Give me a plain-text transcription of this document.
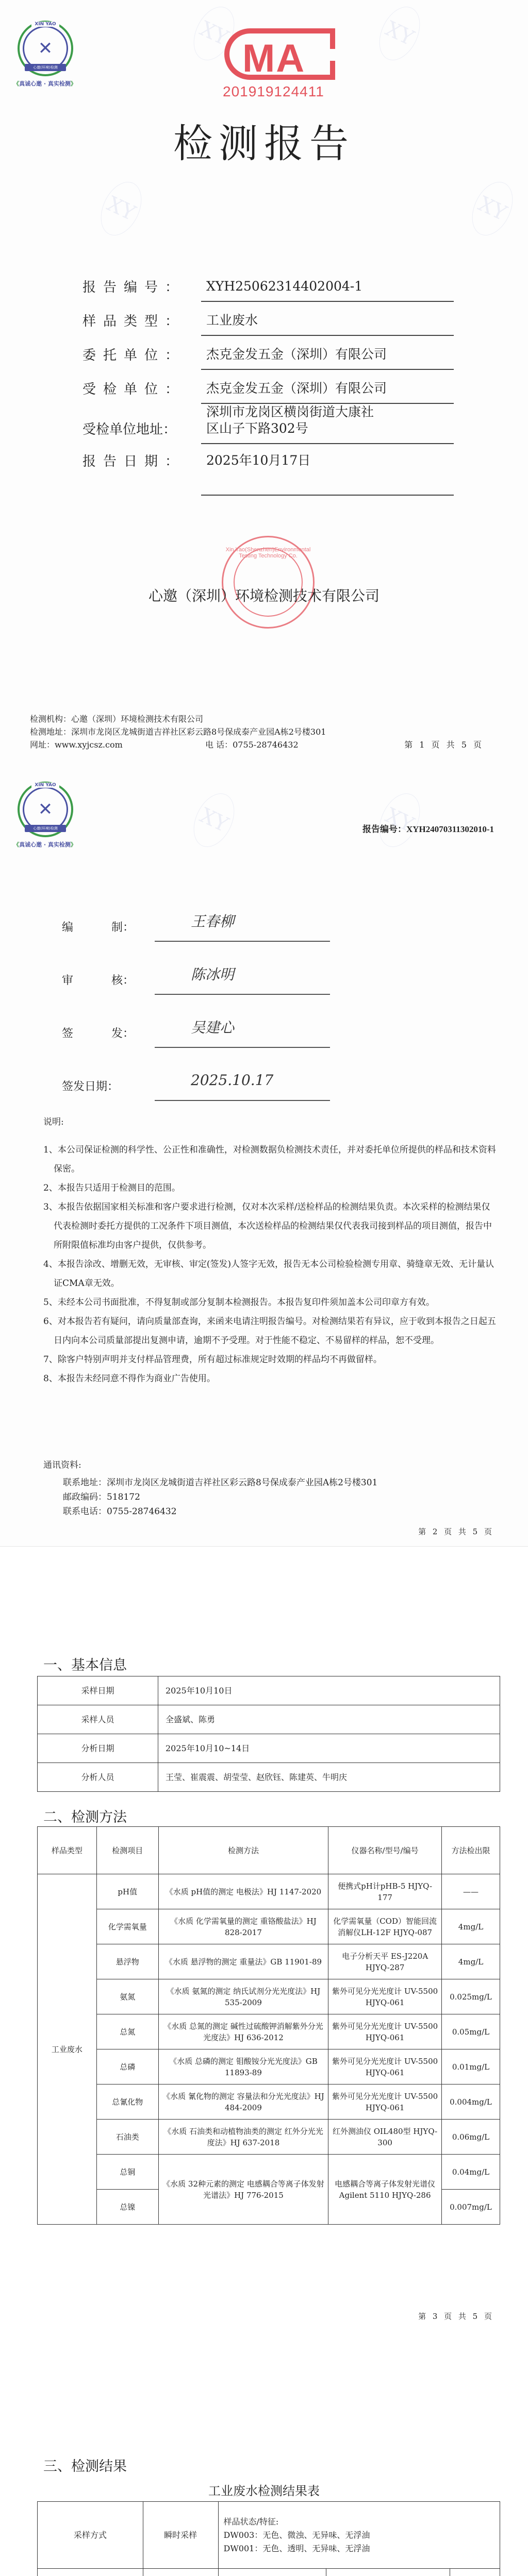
XIN YAO
✕
心邀(环境)检测
《真诚心邀 · 真实检测》
XY	XY
XY	XY
MA
201919124411
检测报告
报告编号：	XYH25062314402004-1
样品类型：	工业废水
委托单位：	杰克金发五金（深圳）有限公司
受检单位：	杰克金发五金（深圳）有限公司
受检单位地址：
深圳市龙岗区横岗街道大康社区山子下路302号
报告日期：	2025年10月17日
Xin Yao(Shenzhen)Environmental Testing Technology Co.
心邀（深圳）环境检测技术有限公司
检测机构：心邀（深圳）环境检测技术有限公司
检测地址：深圳市龙岗区龙城街道吉祥社区彩云路8号保成泰产业园A栋2号楼301
网址：www.xyjcsz.com	电 话：0755-28746432	第 1 页 共 5 页
XIN YAO
✕
心邀(环境)检测
《真诚心邀 · 真实检测》
报告编号：XYH24070311302010-1
XY	XY
编	制：	王春柳
审	核：	陈冰明
签	发：	吴建心
签发日期：	2025.10.17
说明:
1、本公司保证检测的科学性、公正性和准确性，对检测数据负检测技术责任，并对委托单位所提供的样品和技术资料保密。
2、本报告只适用于检测目的范围。
3、本报告依据国家相关标准和客户要求进行检测，仅对本次采样/送检样品的检测结果负责。本次采样的检测结果仅代表检测时委托方提供的工况条件下项目测值，本次送检样品的检测结果仅代表我司接到样品的项目测值，报告中所附限值标准均由客户提供，仅供参考。
4、本报告涂改、增删无效，无审核、审定(签发)人签字无效，报告无本公司检验检测专用章、骑缝章无效、无计量认证CMA章无效。
5、未经本公司书面批准，不得复制或部分复制本检测报告。本报告复印件须加盖本公司印章方有效。
6、对本报告若有疑问，请向质量部查询，来函来电请注明报告编号。对检测结果若有异议，应于收到本报告之日起五日内向本公司质量部提出复测申请，逾期不予受理。对于性能不稳定、不易留样的样品，恕不受理。
7、除客户特别声明并支付样品管理费，所有超过标准规定时效期的样品均不再做留样。
8、本报告未经同意不得作为商业广告使用。
通讯资料:
联系地址：深圳市龙岗区龙城街道吉祥社区彩云路8号保成泰产业园A栋2号楼301
邮政编码：518172
联系电话：0755-28746432
第 2 页 共 5 页
一、基本信息
采样日期	2025年10月10日
采样人员	全盛斌、陈勇
分析日期	2025年10月10~14日
分析人员	王莹、崔震震、胡莹莹、赵欣钰、陈建英、牛明庆
二、检测方法
样品类型	检测项目	检测方法	仪器名称/型号/编号	方法检出限
工业废水	pH值	《水质 pH值的测定 电极法》HJ 1147-2020	便携式pH计pHB-5 HJYQ-177	——
	化学需氧量	《水质 化学需氧量的测定 重铬酸盐法》HJ 828-2017	化学需氧量（COD）智能回流消解仪LH-12F HJYQ-087	4mg/L
	悬浮物	《水质 悬浮物的测定 重量法》GB 11901-89	电子分析天平 ES-J220A HJYQ-287	4mg/L
	氨氮	《水质 氨氮的测定 纳氏试剂分光光度法》HJ 535-2009	紫外可见分光光度计 UV-5500 HJYQ-061	0.025mg/L
	总氮	《水质 总氮的测定 碱性过硫酸钾消解紫外分光光度法》HJ 636-2012	紫外可见分光光度计 UV-5500 HJYQ-061	0.05mg/L
	总磷	《水质 总磷的测定 钼酸铵分光光度法》GB 11893-89	紫外可见分光光度计 UV-5500 HJYQ-061	0.01mg/L
	总氰化物	《水质 氰化物的测定 容量法和分光光度法》HJ 484-2009	紫外可见分光光度计 UV-5500 HJYQ-061	0.004mg/L
	石油类	《水质 石油类和动植物油类的测定 红外分光光度法》HJ 637-2018	红外测油仪 OIL480型 HJYQ-300	0.06mg/L
	总铜	《水质 32种元素的测定 电感耦合等离子体发射光谱法》HJ 776-2015	电感耦合等离子体发射光谱仪Agilent 5110 HJYQ-286	0.04mg/L
	总镍			0.007mg/L
第 3 页 共 5 页
三、检测结果
工业废水检测结果表
采样方式	瞬时采样	样品状态/特征:
DW003：无色、微浊、无异味、无浮油
DW001：无色、透明、无异味、无浮油		

XIN YAO
✕
心邀(环境)检测
《真诚心邀 · 真实检测》
报告编号：XYH24070311302010-1
XIN YAO
✕
心邀(环境)检测
《真诚心邀 · 真实检测》
报告编号：XYH24070311302010-1
